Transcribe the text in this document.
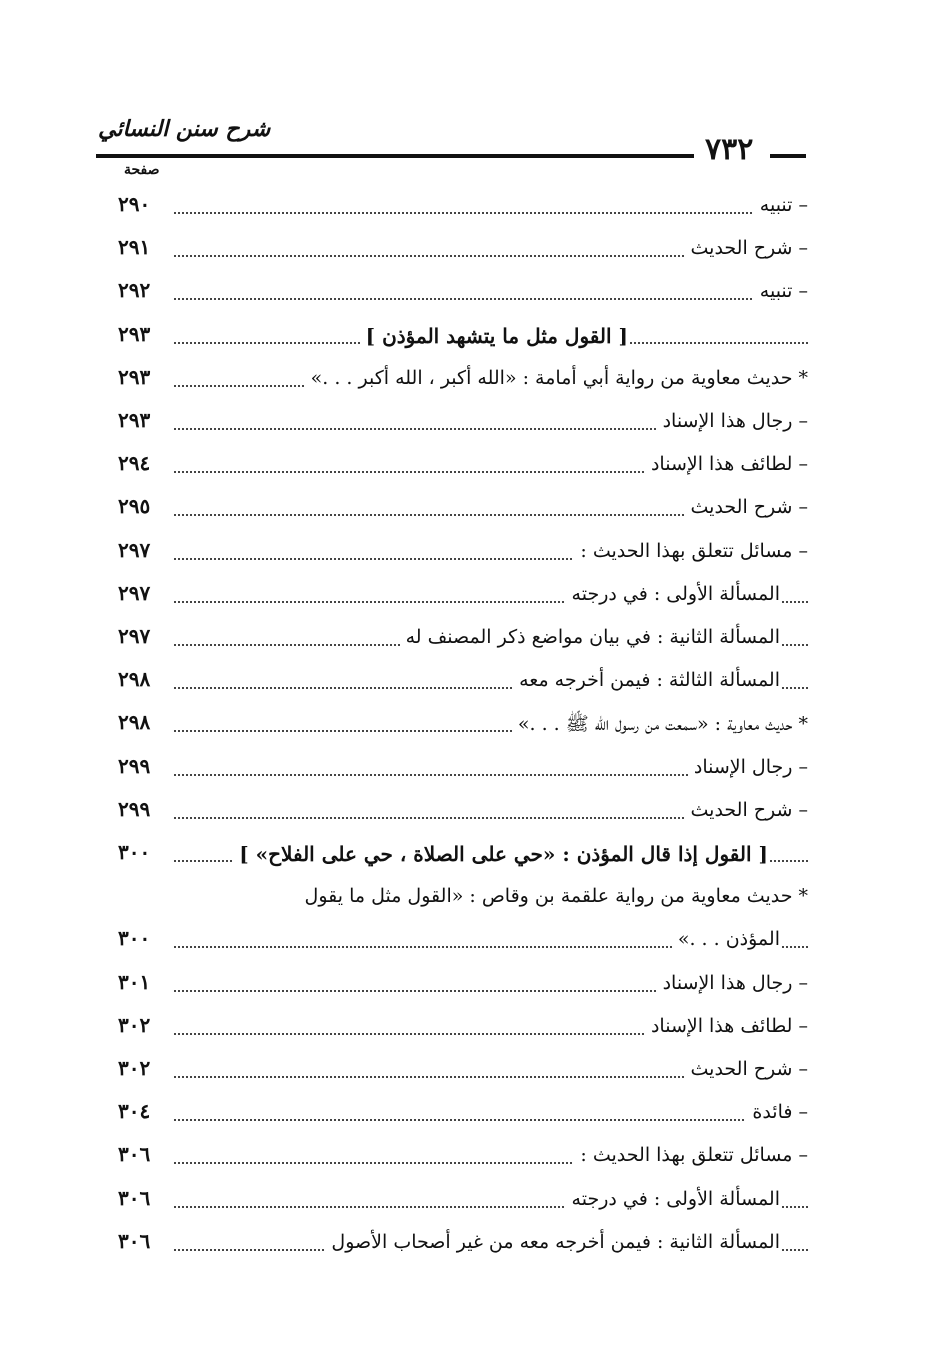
شرح سنن النسائي
٧٣٢
صفحة
– تنبيه
٢٩٠
– شرح الحديث
٢٩١
– تنبيه
٢٩٢
[ القول مثل ما يتشهد المؤذن ]
٢٩٣
* حديث معاوية من رواية أبي أمامة : «الله أكبر ، الله أكبر . . .»
٢٩٣
– رجال هذا الإسناد
٢٩٣
– لطائف هذا الإسناد
٢٩٤
– شرح الحديث
٢٩٥
– مسائل تتعلق بهذا الحديث :
٢٩٧
المسألة الأولى : في درجته
٢٩٧
المسألة الثانية : في بيان مواضع ذكر المصنف له
٢٩٧
المسألة الثالثة : فيمن أخرجه معه
٢٩٨
* حديث معاوية : «سمعت من رسول الله ﷺ . . .»
٢٩٨
– رجال الإسناد
٢٩٩
– شرح الحديث
٢٩٩
[ القول إذا قال المؤذن : «حي على الصلاة ، حي على الفلاح» ]
٣٠٠
* حديث معاوية من رواية علقمة بن وقاص : «القول مثل ما يقول
المؤذن . . .»
٣٠٠
– رجال هذا الإسناد
٣٠١
– لطائف هذا الإسناد
٣٠٢
– شرح الحديث
٣٠٢
– فائدة
٣٠٤
– مسائل تتعلق بهذا الحديث :
٣٠٦
المسألة الأولى : في درجته
٣٠٦
المسألة الثانية : فيمن أخرجه معه من غير أصحاب الأصول
٣٠٦
